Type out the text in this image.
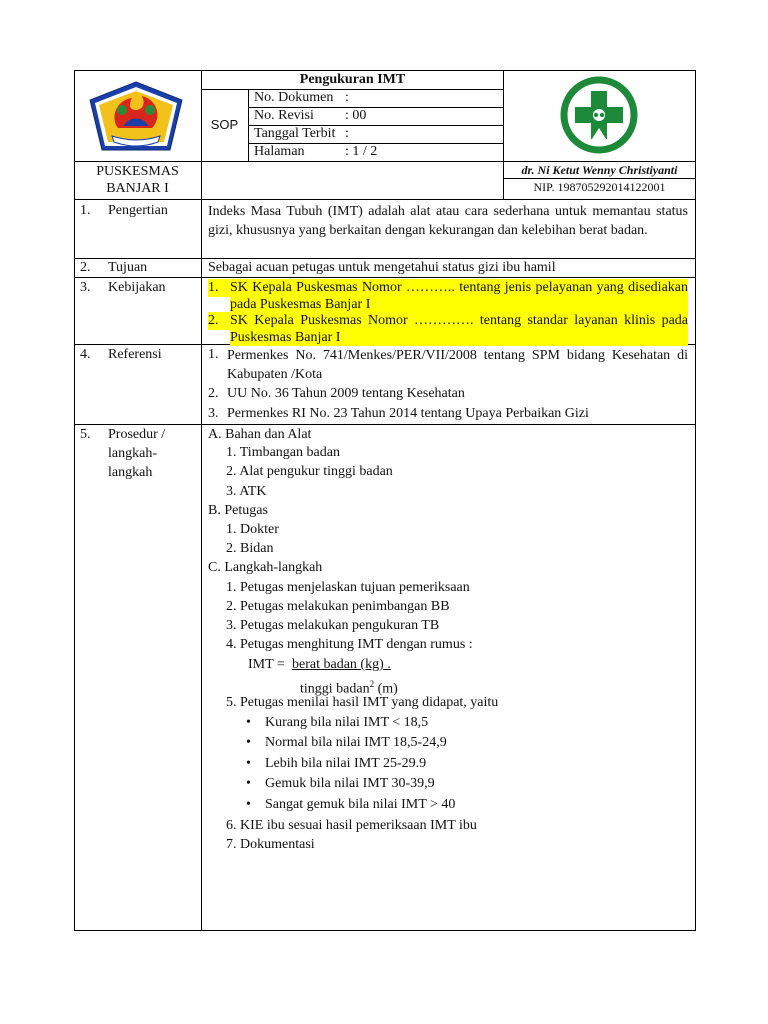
PUSKESMAS
BANJAR I
Pengukuran IMT
SOP
No. Dokumen :
No. Revisi : 00
Tanggal Terbit :
Halaman	: 1 / 2
dr. Ni Ketut Wenny Christiyanti
NIP. 198705292014122001
1. Pengertian	Indeks Masa Tubuh (IMT) adalah alat atau cara sederhana untuk memantau status gizi, khususnya yang berkaitan dengan kekurangan dan kelebihan berat badan.
2. Tujuan	Sebagai acuan petugas untuk mengetahui status gizi ibu hamil
3. Kebijakan	1. SK Kepala Puskesmas Nomor ……….. tentang jenis pelayanan yang disediakan pada Puskesmas Banjar I
2. SK Kepala Puskesmas Nomor …………. tentang standar layanan klinis pada Puskesmas Banjar I
4. Referensi	1. Permenkes No. 741/Menkes/PER/VII/2008 tentang SPM bidang Kesehatan di Kabupaten /Kota
2. UU No. 36 Tahun 2009 tentang Kesehatan
3. Permenkes RI No. 23 Tahun 2014 tentang Upaya Perbaikan Gizi
5. Prosedur /
langkah-
langkah
A. Bahan dan Alat
1. Timbangan badan
2. Alat pengukur tinggi badan
3. ATK
B. Petugas
1. Dokter
2. Bidan
C. Langkah-langkah
1. Petugas menjelaskan tujuan pemeriksaan
2. Petugas melakukan penimbangan BB
3. Petugas melakukan pengukuran TB
4. Petugas menghitung IMT dengan rumus :
IMT = berat badan (kg) .
tinggi badan$^2$ (m)
5. Petugas menilai hasil IMT yang didapat, yaitu
• Kurang bila nilai IMT < 18,5
• Normal bila nilai IMT 18,5-24,9
• Lebih bila nilai IMT 25-29.9
• Gemuk bila nilai IMT 30-39,9
• Sangat gemuk bila nilai IMT > 40
6. KIE ibu sesuai hasil pemeriksaan IMT ibu
7. Dokumentasi
